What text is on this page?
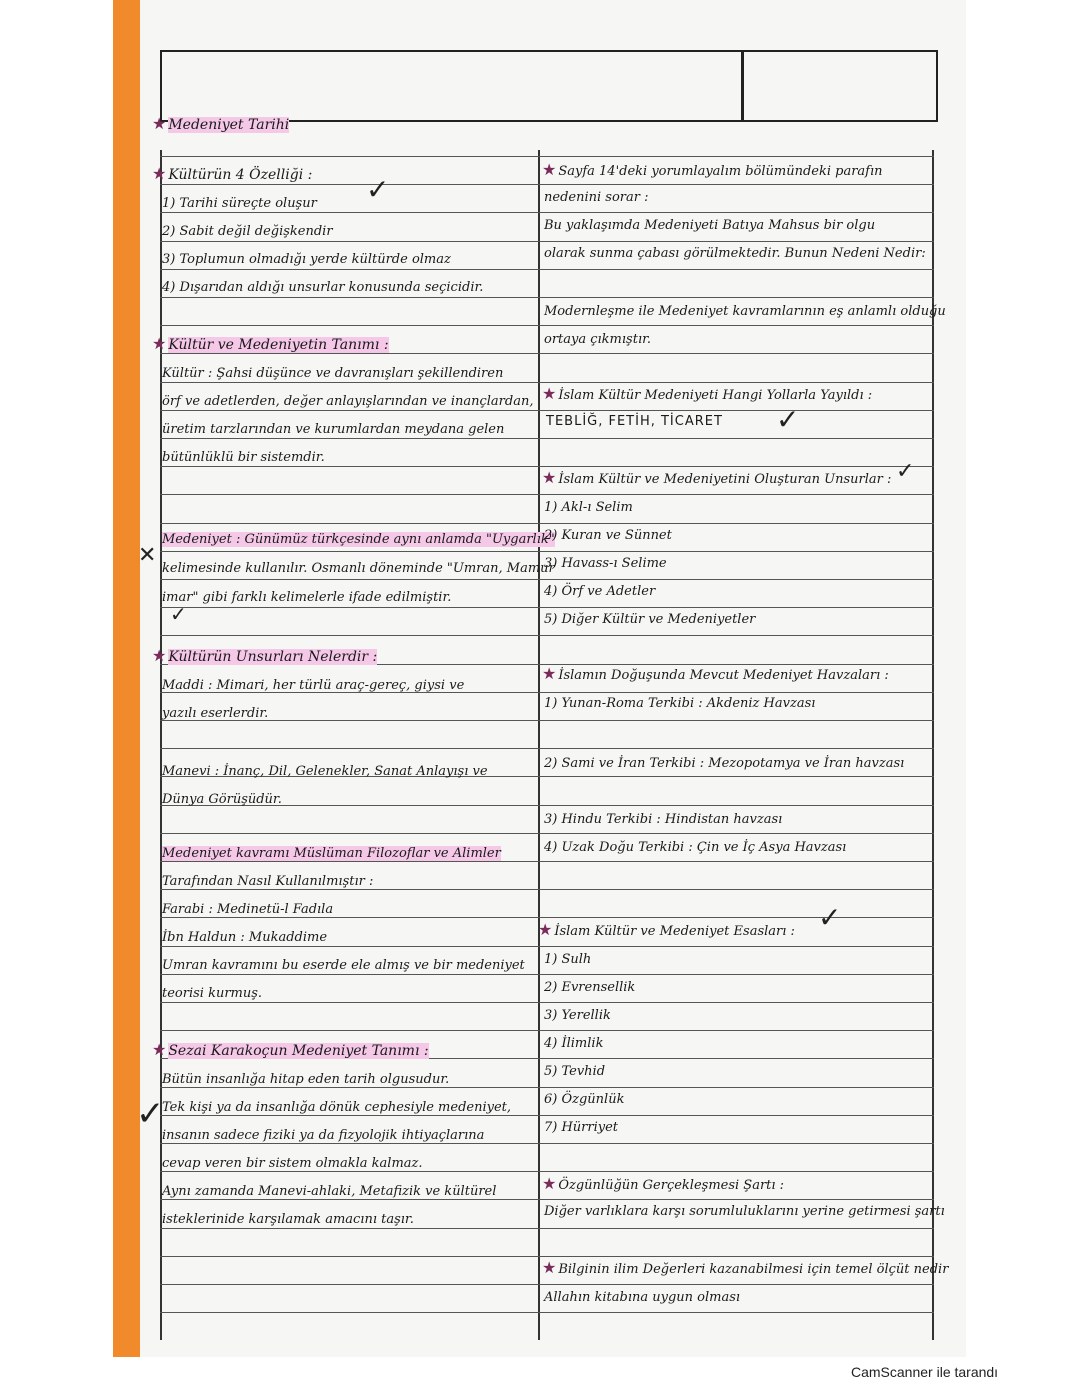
★ Medeniyet Tarihi
★ Kültürün 4 Özelliği :
1) Tarihi süreçte oluşur
2) Sabit değil değişkendir
3) Toplumun olmadığı yerde kültürde olmaz
4) Dışarıdan aldığı unsurlar konusunda seçicidir.
★ Kültür ve Medeniyetin Tanımı :
Kültür : Şahsi düşünce ve davranışları şekillendiren
örf ve adetlerden, değer anlayışlarından ve inançlardan,
üretim tarzlarından ve kurumlardan meydana gelen
bütünlüklü bir sistemdir.
Medeniyet : Günümüz türkçesinde aynı anlamda "Uygarlık"
kelimesinde kullanılır. Osmanlı döneminde "Umran, Mamur
imar" gibi farklı kelimelerle ifade edilmiştir.
★ Kültürün Unsurları Nelerdir :
Maddi : Mimari, her türlü araç-gereç, giysi ve
yazılı eserlerdir.
Manevi : İnanç, Dil, Gelenekler, Sanat Anlayışı ve
Dünya Görüşüdür.
Medeniyet kavramı Müslüman Filozoflar ve Alimler
Tarafından Nasıl Kullanılmıştır :
Farabi : Medinetü-l Fadıla
İbn Haldun : Mukaddime
Umran kavramını bu eserde ele almış ve bir medeniyet
teorisi kurmuş.
★ Sezai Karakoçun Medeniyet Tanımı :
Bütün insanlığa hitap eden tarih olgusudur.
Tek kişi ya da insanlığa dönük cephesiyle medeniyet,
insanın sadece fiziki ya da fizyolojik ihtiyaçlarına
cevap veren bir sistem olmakla kalmaz.
Aynı zamanda Manevi-ahlaki, Metafizik ve kültürel
isteklerinide karşılamak amacını taşır.
★ Sayfa 14'deki yorumlayalım bölümündeki parafın
nedenini sorar :
Bu yaklaşımda Medeniyeti Batıya Mahsus bir olgu
olarak sunma çabası görülmektedir. Bunun Nedeni Nedir:
Modernleşme ile Medeniyet kavramlarının eş anlamlı olduğu
ortaya çıkmıştır.
★ İslam Kültür Medeniyeti Hangi Yollarla Yayıldı :
TEBLİĞ, FETİH, TİCARET
★ İslam Kültür ve Medeniyetini Oluşturan Unsurlar :
1) Akl-ı Selim
2) Kuran ve Sünnet
3) Havass-ı Selime
4) Örf ve Adetler
5) Diğer Kültür ve Medeniyetler
★ İslamın Doğuşunda Mevcut Medeniyet Havzaları :
1) Yunan-Roma Terkibi : Akdeniz Havzası
2) Sami ve İran Terkibi : Mezopotamya ve İran havzası
3) Hindu Terkibi : Hindistan havzası
4) Uzak Doğu Terkibi : Çin ve İç Asya Havzası
★ İslam Kültür ve Medeniyet Esasları :
1) Sulh
2) Evrensellik
3) Yerellik
4) İlimlik
5) Tevhid
6) Özgünlük
7) Hürriyet
★ Özgünlüğün Gerçekleşmesi Şartı :
Diğer varlıklara karşı sorumluluklarını yerine getirmesi şartı
★ Bilginin ilim Değerleri kazanabilmesi için temel ölçüt nedir
Allahın kitabına uygun olması
✓
✕
✓
✓
✓
✓
✓
CamScanner ile tarandı
